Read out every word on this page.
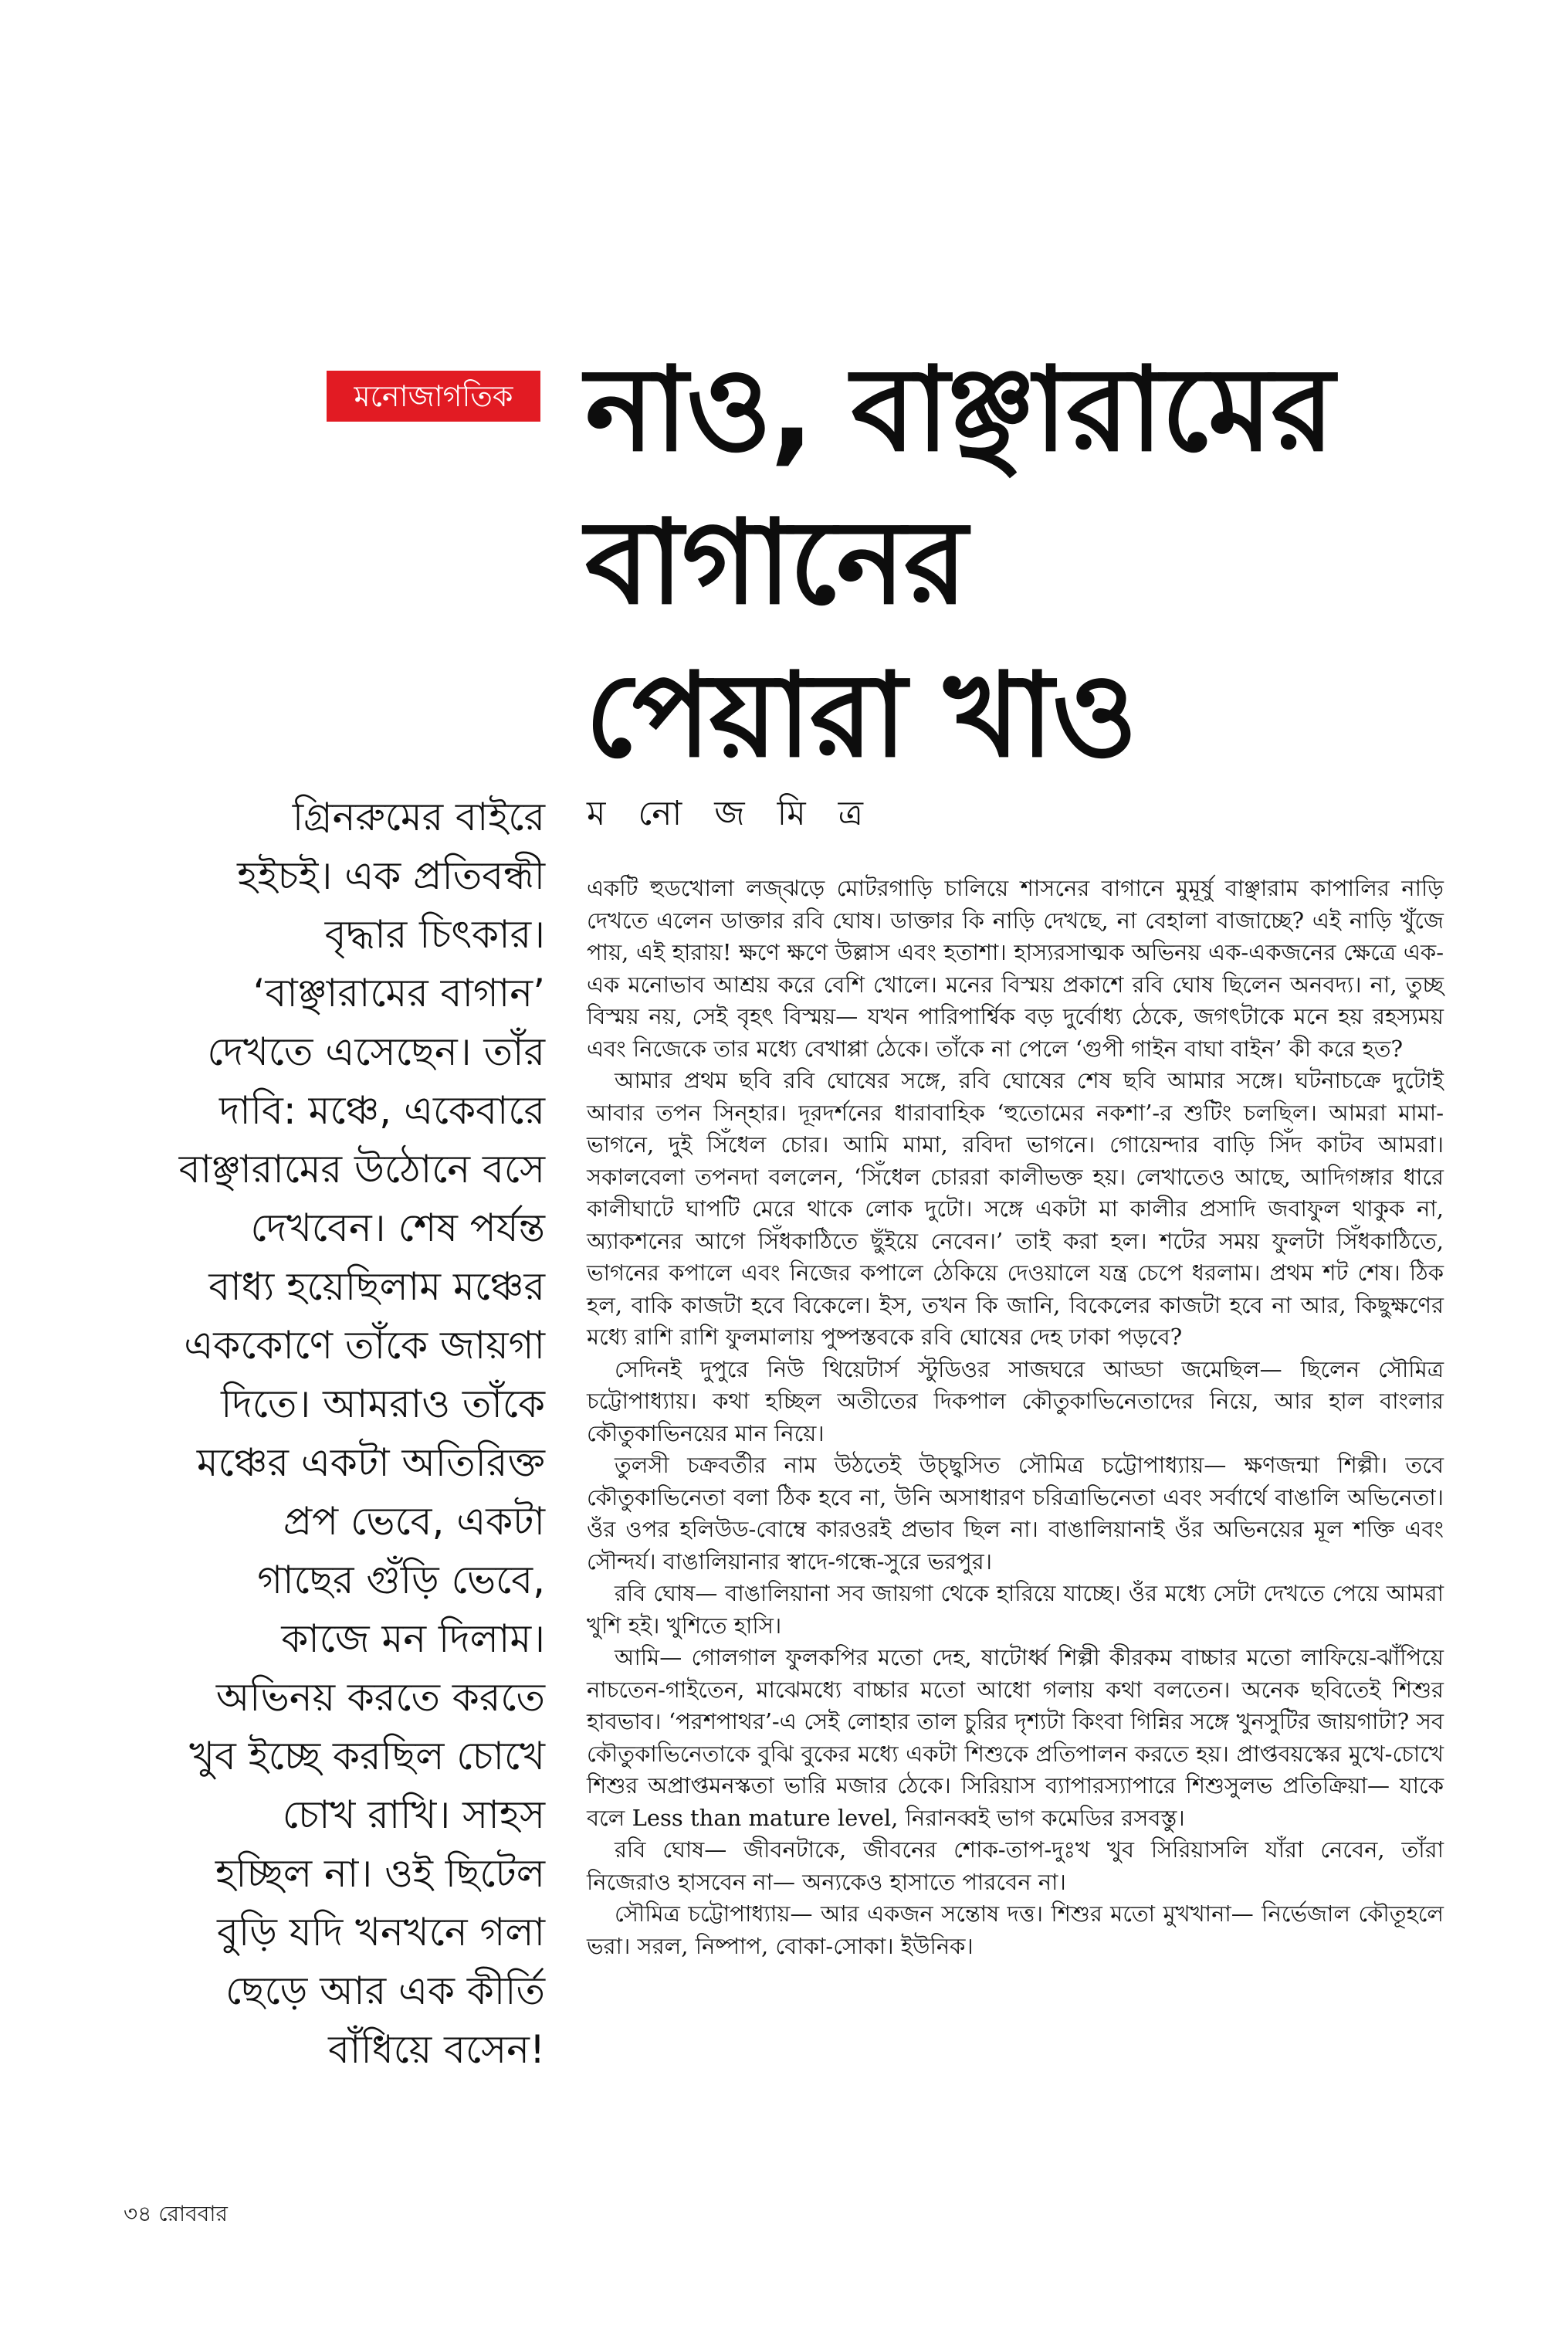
মনোজাগতিক নাও, বাঞ্ছারামের
বাগানের
পেয়ারা খাও
ম নো জ মি ত্র
গ্রিনরুমের বাইরে
হইচই। এক প্রতিবন্ধী
বৃদ্ধার চিৎকার।
‘বাঞ্ছারামের বাগান’
দেখতে এসেছেন। তাঁর
দাবি: মঞ্চে, একেবারে
বাঞ্ছারামের উঠোনে বসে
দেখবেন। শেষ পর্যন্ত
বাধ্য হয়েছিলাম মঞ্চের
এককোণে তাঁকে জায়গা
দিতে। আমরাও তাঁকে
মঞ্চের একটা অতিরিক্ত
প্রপ ভেবে, একটা
গাছের গুঁড়ি ভেবে,
কাজে মন দিলাম।
অভিনয় করতে করতে
খুব ইচ্ছে করছিল চোখে
চোখ রাখি। সাহস
হচ্ছিল না। ওই ছিটেল
বুড়ি যদি খনখনে গলা
ছেড়ে আর এক কীর্তি
বাঁধিয়ে বসেন!

একটি হুডখোলা লজ্‌ঝড়ে মোটরগাড়ি চালিয়ে শাসনের বাগানে মুমূর্ষু বাঞ্ছারাম কাপালির নাড়ি দেখতে এলেন ডাক্তার রবি ঘোষ। ডাক্তার কি নাড়ি দেখছে, না বেহালা বাজাচ্ছে? এই নাড়ি খুঁজে পায়, এই হারায়! ক্ষণে ক্ষণে উল্লাস এবং হতাশা। হাস্যরসাত্মক অভিনয় এক-একজনের ক্ষেত্রে এক-এক মনোভাব আশ্রয় করে বেশি খোলে। মনের বিস্ময় প্রকাশে রবি ঘোষ ছিলেন অনবদ্য। না, তুচ্ছ বিস্ময় নয়, সেই বৃহৎ বিস্ময়— যখন পারিপার্শ্বিক বড় দুর্বোধ্য ঠেকে, জগৎটাকে মনে হয় রহস্যময় এবং নিজেকে তার মধ্যে বেখাপ্পা ঠেকে। তাঁকে না পেলে ‘গুপী গাইন বাঘা বাইন’ কী করে হত?

আমার প্রথম ছবি রবি ঘোষের সঙ্গে, রবি ঘোষের শেষ ছবি আমার সঙ্গে। ঘটনাচক্রে দুটোই আবার তপন সিন্‌হার। দূরদর্শনের ধারাবাহিক ‘হুতোমের নকশা’-র শুটিং চলছিল। আমরা মামা-ভাগনে, দুই সিঁধেল চোর। আমি মামা, রবিদা ভাগনে। গোয়েন্দার বাড়ি সিঁদ কাটব আমরা। সকালবেলা তপনদা বললেন, ‘সিঁধেল চোররা কালীভক্ত হয়। লেখাতেও আছে, আদিগঙ্গার ধারে কালীঘাটে ঘাপটি মেরে থাকে লোক দুটো। সঙ্গে একটা মা কালীর প্রসাদি জবাফুল থাকুক না, অ্যাকশনের আগে সিঁধকাঠিতে ছুঁইয়ে নেবেন।’ তাই করা হল। শটের সময় ফুলটা সিঁধকাঠিতে, ভাগনের কপালে এবং নিজের কপালে ঠেকিয়ে দেওয়ালে যন্ত্র চেপে ধরলাম। প্রথম শট শেষ। ঠিক হল, বাকি কাজটা হবে বিকেলে। ইস, তখন কি জানি, বিকেলের কাজটা হবে না আর, কিছুক্ষণের মধ্যে রাশি রাশি ফুলমালায় পুষ্পস্তবকে রবি ঘোষের দেহ ঢাকা পড়বে?

সেদিনই দুপুরে নিউ থিয়েটার্স স্টুডিওর সাজঘরে আড্ডা জমেছিল— ছিলেন সৌমিত্র চট্টোপাধ্যায়। কথা হচ্ছিল অতীতের দিকপাল কৌতুকাভিনেতাদের নিয়ে, আর হাল বাংলার কৌতুকাভিনয়ের মান নিয়ে।

তুলসী চক্রবর্তীর নাম উঠতেই উচ্ছ্বসিত সৌমিত্র চট্টোপাধ্যায়— ক্ষণজন্মা শিল্পী। তবে কৌতুকাভিনেতা বলা ঠিক হবে না, উনি অসাধারণ চরিত্রাভিনেতা এবং সর্বার্থে বাঙালি অভিনেতা। ওঁর ওপর হলিউড-বোম্বে কারওরই প্রভাব ছিল না। বাঙালিয়ানাই ওঁর অভিনয়ের মূল শক্তি এবং সৌন্দর্য। বাঙালিয়ানার স্বাদে-গন্ধে-সুরে ভরপুর।

রবি ঘোষ— বাঙালিয়ানা সব জায়গা থেকে হারিয়ে যাচ্ছে। ওঁর মধ্যে সেটা দেখতে পেয়ে আমরা খুশি হই। খুশিতে হাসি।

আমি— গোলগাল ফুলকপির মতো দেহ, ষাটোর্ধ্ব শিল্পী কীরকম বাচ্চার মতো লাফিয়ে-ঝাঁপিয়ে নাচতেন-গাইতেন, মাঝেমধ্যে বাচ্চার মতো আধো গলায় কথা বলতেন। অনেক ছবিতেই শিশুর হাবভাব। ‘পরশপাথর’-এ সেই লোহার তাল চুরির দৃশ্যটা কিংবা গিন্নির সঙ্গে খুনসুটির জায়গাটা? সব কৌতুকাভিনেতাকে বুঝি বুকের মধ্যে একটা শিশুকে প্রতিপালন করতে হয়। প্রাপ্তবয়স্কের মুখে-চোখে শিশুর অপ্রাপ্তমনস্কতা ভারি মজার ঠেকে। সিরিয়াস ব্যাপারস্যাপারে শিশুসুলভ প্রতিক্রিয়া— যাকে বলে Less than mature level, নিরানব্বই ভাগ কমেডির রসবস্তু।

রবি ঘোষ— জীবনটাকে, জীবনের শোক-তাপ-দুঃখ খুব সিরিয়াসলি যাঁরা নেবেন, তাঁরা নিজেরাও হাসবেন না— অন্যকেও হাসাতে পারবেন না।

সৌমিত্র চট্টোপাধ্যায়— আর একজন সন্তোষ দত্ত। শিশুর মতো মুখখানা— নির্ভেজাল কৌতূহলে ভরা। সরল, নিষ্পাপ, বোকা-সোকা। ইউনিক।

৩৪ রোববার
